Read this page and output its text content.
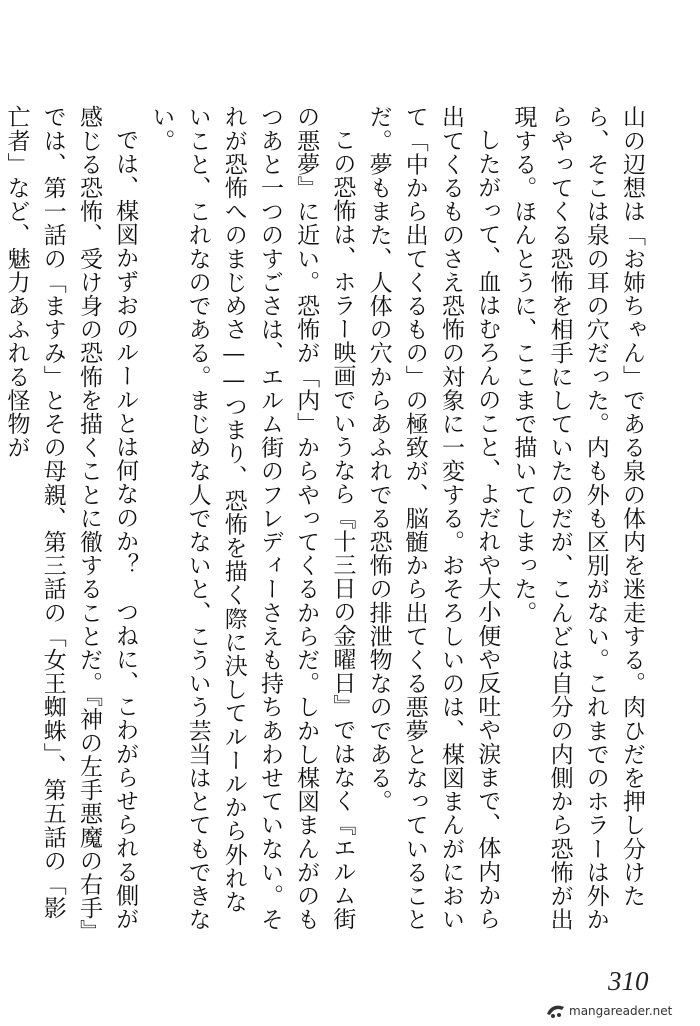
山の辺想は「お姉ちゃん」である泉の体内を迷走する。肉ひだを押し分けたら、そこは泉の耳の穴だった。内も外も区別がない。これまでのホラーは外からやってくる恐怖を相手にしていたのだが、こんどは自分の内側から恐怖が出現する。ほんとうに、ここまで描いてしまった。

したがって、血はむろんのこと、よだれや大小便や反吐や涙まで、体内から出てくるものさえ恐怖の対象に一変する。おそろしいのは、楳図まんがにおいて「中から出てくるもの」の極致が、脳髄から出てくる悪夢となっていることだ。夢もまた、人体の穴からあふれでる恐怖の排泄物なのである。

この恐怖は、ホラー映画でいうなら『十三日の金曜日』ではなく『エルム街の悪夢』に近い。恐怖が「内」からやってくるからだ。しかし楳図まんがのもつあと一つのすごさは、エルム街のフレディーさえも持ちあわせていない。それが恐怖へのまじめさ——つまり、恐怖を描く際に決してルールから外れないこと、これなのである。まじめな人でないと、こういう芸当はとてもできない。

では、楳図かずおのルールとは何なのか？　つねに、こわがらせられる側が感じる恐怖、受け身の恐怖を描くことに徹することだ。『神の左手悪魔の右手』では、第一話の「ますみ」とその母親、第三話の「女王蜘蛛」、第五話の「影亡者」など、魅力あふれる怪物が

310
mangareader.net
